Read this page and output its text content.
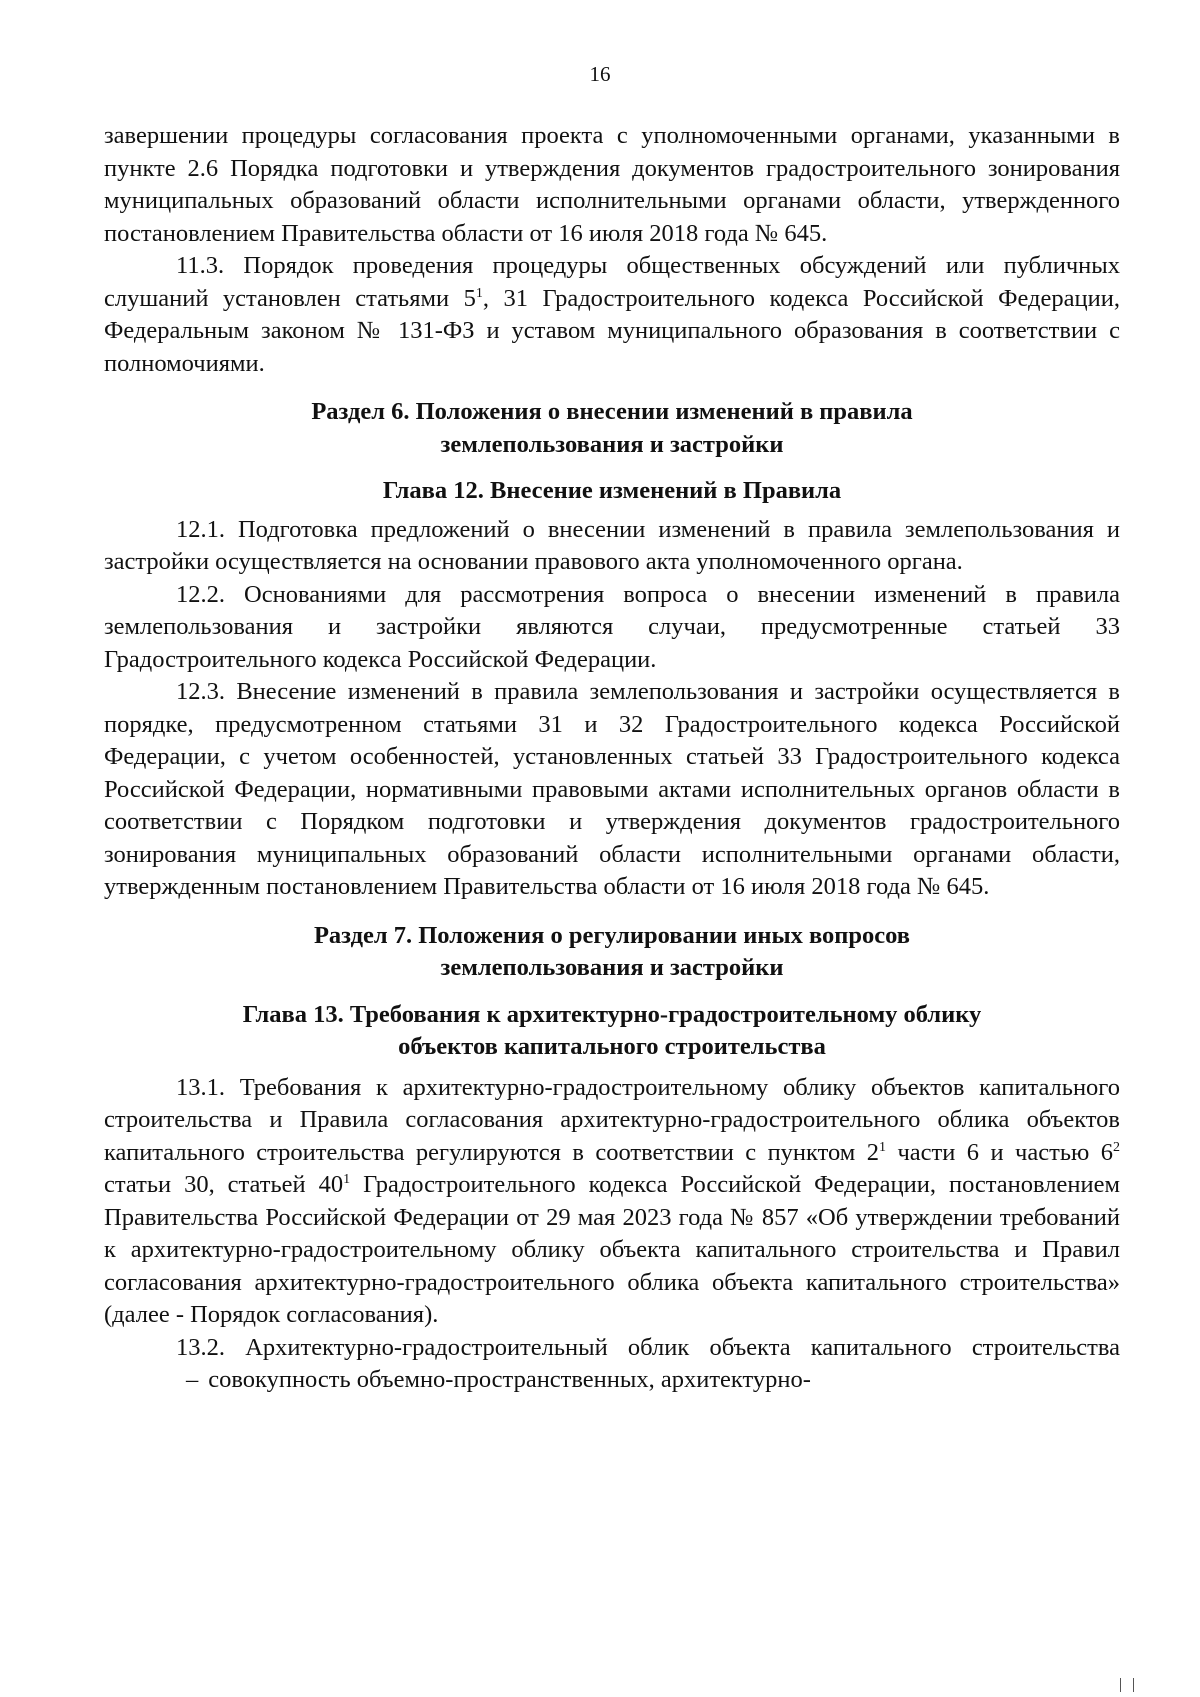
16

завершении процедуры согласования проекта с уполномоченными органами, указанными в пункте 2.6 Порядка подготовки и утверждения документов градостроительного зонирования муниципальных образований области исполнительными органами области, утвержденного постановлением Правительства области от 16 июля 2018 года № 645.

11.3. Порядок проведения процедуры общественных обсуждений или публичных слушаний установлен статьями $5^1$, 31 Градостроительного кодекса Российской Федерации, Федеральным законом № 131-ФЗ и уставом муниципального образования в соответствии с полномочиями.

Раздел 6. Положения о внесении изменений в правила
землепользования и застройки

Глава 12. Внесение изменений в Правила

12.1. Подготовка предложений о внесении изменений в правила землепользования и застройки осуществляется на основании правового акта уполномоченного органа.

12.2. Основаниями для рассмотрения вопроса о внесении изменений в правила землепользования и застройки являются случаи, предусмотренные статьей 33 Градостроительного кодекса Российской Федерации.

12.3. Внесение изменений в правила землепользования и застройки осуществляется в порядке, предусмотренном статьями 31 и 32 Градостроительного кодекса Российской Федерации, с учетом особенностей, установленных статьей 33 Градостроительного кодекса Российской Федерации, нормативными правовыми актами исполнительных органов области в соответствии с Порядком подготовки и утверждения документов градостроительного зонирования муниципальных образований области исполнительными органами области, утвержденным постановлением Правительства области от 16 июля 2018 года № 645.

Раздел 7. Положения о регулировании иных вопросов
землепользования и застройки

Глава 13. Требования к архитектурно-градостроительному облику
объектов капитального строительства

13.1. Требования к архитектурно-градостроительному облику объектов капитального строительства и Правила согласования архитектурно-градостроительного облика объектов капитального строительства регулируются в соответствии с пунктом $2^1$ части 6 и частью $6^2$ статьи 30, статьей $40^1$ Градостроительного кодекса Российской Федерации, постановлением Правительства Российской Федерации от 29 мая 2023 года № 857 «Об утверждении требований к архитектурно-градостроительному облику объекта капитального строительства и Правил согласования архитектурно-градостроительного облика объекта капитального строительства» (далее - Порядок согласования).

13.2. Архитектурно-градостроительный облик объекта капитального строительства– совокупность объемно-пространственных, архитектурно-
